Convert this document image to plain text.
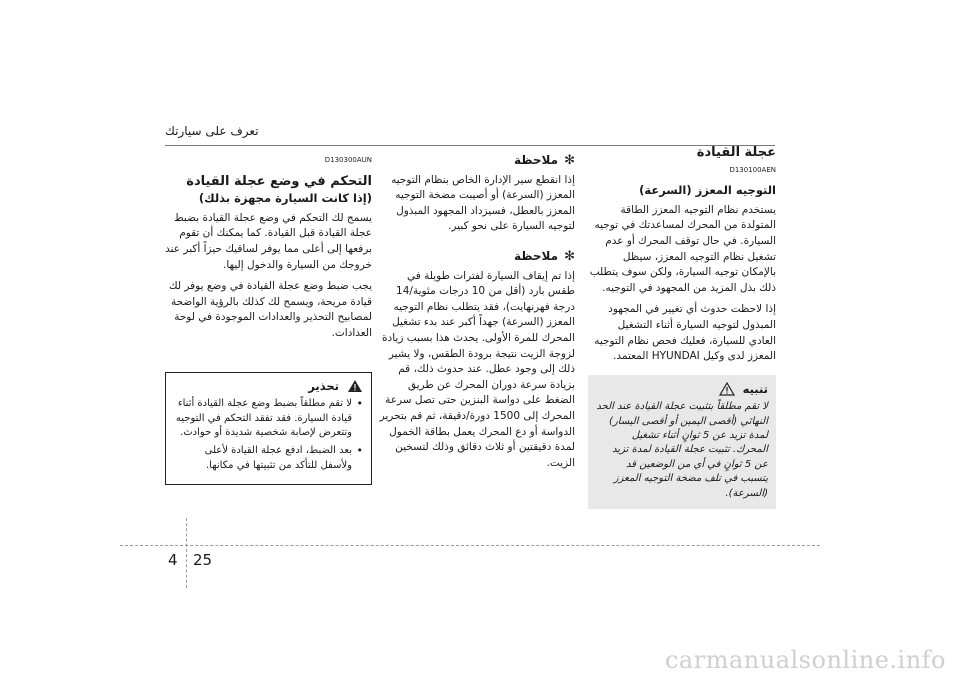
تعرف على سيارتك
عجلة القيادة
D130100AEN
التوجيه المعزز (السرعة)

يستخدم نظام التوجيه المعزز الطاقة المتولدة من المحرك لمساعدتك في توجيه السيارة. في حال توقف المحرك أو عدم تشغيل نظام التوجيه المعزز، سيظل بالإمكان توجيه السيارة، ولكن سوف يتطلب ذلك بذل المزيد من المجهود في التوجيه.

إذا لاحظت حدوث أي تغيير في المجهود المبذول لتوجيه السيارة أثناء التشغيل العادي للسيارة، فعليك فحص نظام التوجيه المعزز لدى وكيل HYUNDAI المعتمد.

تنبيه
لا تقم مطلقاً بتثبيت عجلة القيادة عند الحد النهائي (أقصى اليمين أو أقصى اليسار) لمدة تزيد عن 5 ثوانٍ أثناء تشغيل المحرك. تثبيت عجلة القيادة لمدة تزيد عن 5 ثوانٍ في أي من الوضعين قد يتسبب في تلف مضخة التوجيه المعزز (السرعة).
✻
ملاحظة

إذا انقطع سير الإدارة الخاص بنظام التوجيه المعزز (السرعة) أو أصيبت مضخة التوجيه المعزز بالعطل، فسيزداد المجهود المبذول لتوجيه السيارة على نحو كبير.

✻
ملاحظة

إذا تم إيقاف السيارة لفترات طويلة في طقس بارد (أقل من 10 درجات مئوية/14 درجة فهرنهايت)، فقد يتطلب نظام التوجيه المعزز (السرعة) جهداً أكبر عند بدء تشغيل المحرك للمرة الأولى. يحدث هذا بسبب زيادة لزوجة الزيت نتيجة برودة الطقس، ولا يشير ذلك إلى وجود عطل. عند حدوث ذلك، قم بزيادة سرعة دوران المحرك عن طريق الضغط على دواسة البنزين حتى تصل سرعة المحرك إلى 1500 دورة/دقيقة، ثم قم بتحرير الدواسة أو دع المحرك يعمل بطاقة الخمول لمدة دقيقتين أو ثلاث دقائق وذلك لتسخين الزيت.

D130300AUN
التحكم في وضع عجلة القيادة
(إذا كانت السيارة مجهزة بذلك)

يسمح لك التحكم في وضع عجلة القيادة بضبط عجلة القيادة قبل القيادة. كما يمكنك أن تقوم برفعها إلى أعلى مما يوفر لساقيك حيزاً أكبر عند خروجك من السيارة والدخول إليها.

يجب ضبط وضع عجلة القيادة في وضع يوفر لك قيادة مريحة، ويسمح لك كذلك بالرؤية الواضحة لمصابيح التحذير والعدادات الموجودة في لوحة العدادات.

تحذير
• لا تقم مطلقاً بضبط وضع عجلة القيادة أثناء قيادة السيارة. فقد تفقد التحكم في التوجيه وتتعرض لإصابة شخصية شديدة أو حوادث.
• بعد الضبط، ادفع عجلة القيادة لأعلى ولأسفل للتأكد من تثبيتها في مكانها.
4 25
carmanualsonline.info
